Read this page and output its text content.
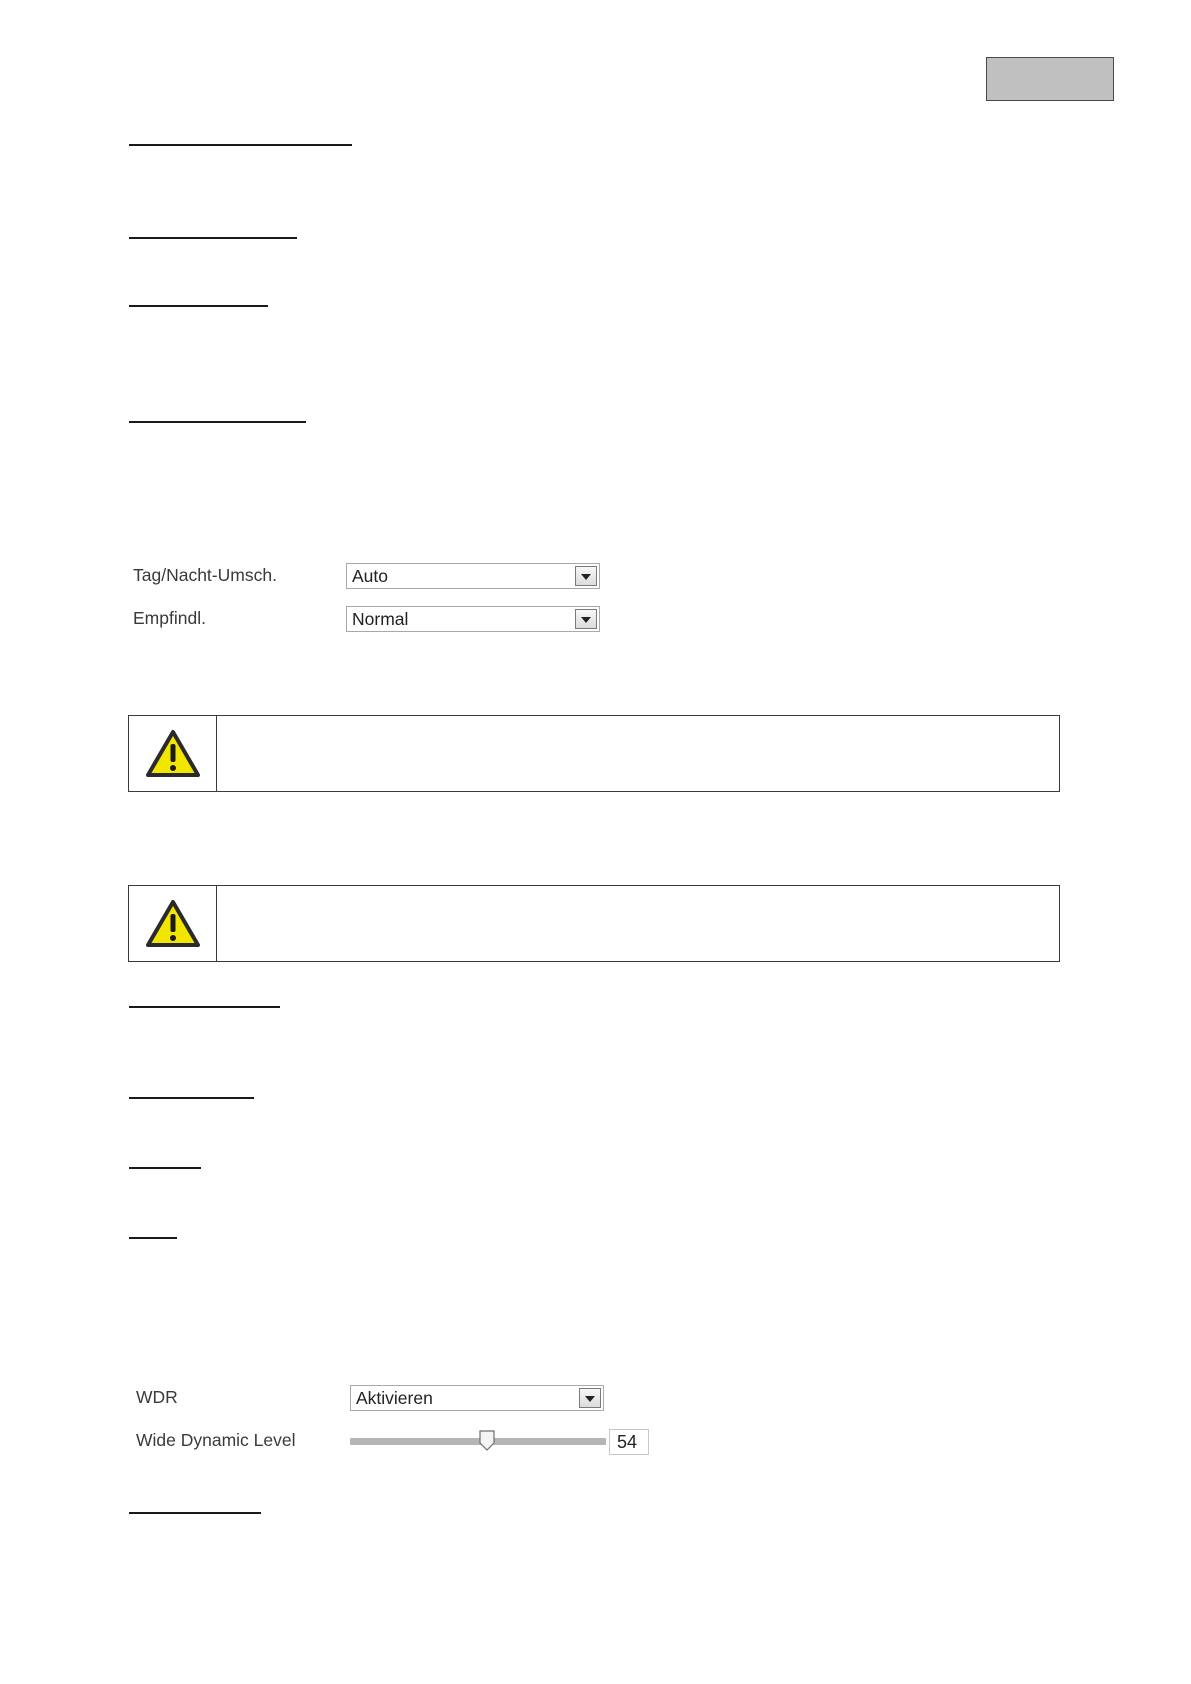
Tag/Nacht-Umsch.	Auto
Empfindl.	Normal
WDR	Aktivieren
Wide Dynamic Level	54
